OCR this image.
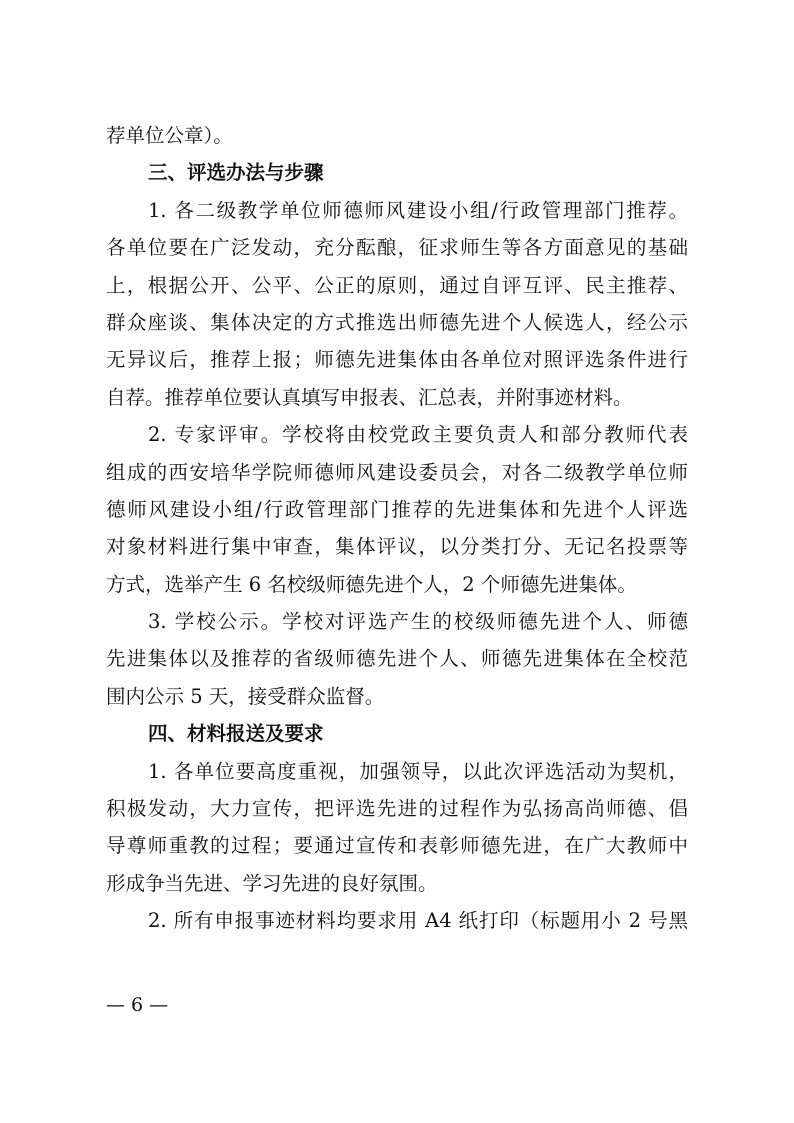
荐单位公章）。
三、评选办法与步骤
1. 各二级教学单位师德师风建设小组/行政管理部门推荐。
各单位要在广泛发动，充分酝酿，征求师生等各方面意见的基础
上，根据公开、公平、公正的原则，通过自评互评、民主推荐、
群众座谈、集体决定的方式推选出师德先进个人候选人，经公示
无异议后，推荐上报；师德先进集体由各单位对照评选条件进行
自荐。推荐单位要认真填写申报表、汇总表，并附事迹材料。
2. 专家评审。学校将由校党政主要负责人和部分教师代表
组成的西安培华学院师德师风建设委员会，对各二级教学单位师
德师风建设小组/行政管理部门推荐的先进集体和先进个人评选
对象材料进行集中审查，集体评议，以分类打分、无记名投票等
方式，选举产生 6 名校级师德先进个人，2 个师德先进集体。
3. 学校公示。学校对评选产生的校级师德先进个人、师德
先进集体以及推荐的省级师德先进个人、师德先进集体在全校范
围内公示 5 天，接受群众监督。
四、材料报送及要求
1. 各单位要高度重视，加强领导，以此次评选活动为契机，
积极发动，大力宣传，把评选先进的过程作为弘扬高尚师德、倡
导尊师重教的过程；要通过宣传和表彰师德先进，在广大教师中
形成争当先进、学习先进的良好氛围。
2. 所有申报事迹材料均要求用 A4 纸打印（标题用小 2 号黑
— 6 —
